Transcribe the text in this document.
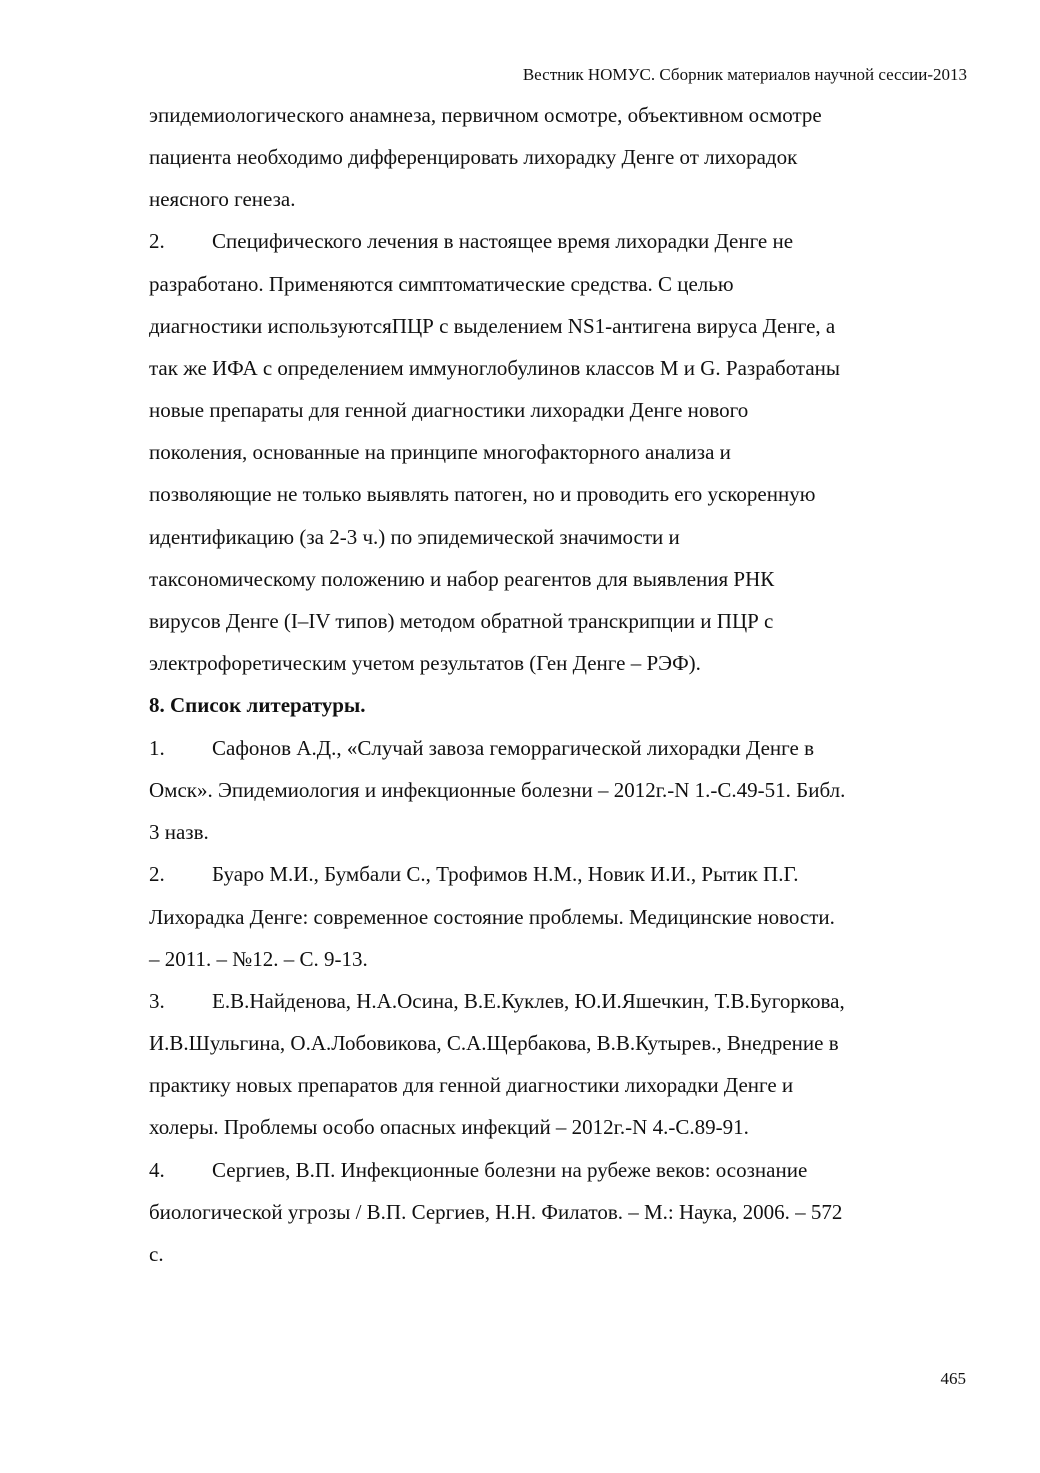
Вестник НОМУС. Сборник материалов научной сессии-2013
эпидемиологического анамнеза, первичном осмотре, объективном осмотре
пациента необходимо дифференцировать лихорадку Денге от лихорадок
неясного генеза.
2. Специфического лечения в настоящее время лихорадки Денге не
разработано. Применяются симптоматические средства. С целью
диагностики используютсяПЦР с выделением NS1-антигена вируса Денге, а
так же ИФА с определением иммуноглобулинов классов M и G. Разработаны
новые препараты для генной диагностики лихорадки Денге нового
поколения, основанные на принципе многофакторного анализа и
позволяющие не только выявлять патоген, но и проводить его ускоренную
идентификацию (за 2-3 ч.) по эпидемической значимости и
таксономическому положению и набор реагентов для выявления РНК
вирусов Денге (I–IV типов) методом обратной транскрипции и ПЦР с
электрофоретическим учетом результатов (Ген Денге – РЭФ).
8. Список литературы.
1. Сафонов А.Д., «Случай завоза геморрагической лихорадки Денге в
Омск». Эпидемиология и инфекционные болезни – 2012г.-N 1.-С.49-51. Библ.
3 назв.
2. Буаро М.И., Бумбали С., Трофимов Н.М., Новик И.И., Рытик П.Г.
Лихорадка Денге: современное состояние проблемы. Медицинские новости.
– 2011. – №12. – С. 9-13.
3. Е.В.Найденова, Н.А.Осина, В.Е.Куклев, Ю.И.Яшечкин, Т.В.Бугоркова,
И.В.Шульгина, О.А.Лобовикова, С.А.Щербакова, В.В.Кутырев., Внедрение в
практику новых препаратов для генной диагностики лихорадки Денге и
холеры. Проблемы особо опасных инфекций – 2012г.-N 4.-С.89-91.
4. Сергиев, В.П. Инфекционные болезни на рубеже веков: осознание
биологической угрозы / В.П. Сергиев, Н.Н. Филатов. – М.: Наука, 2006. – 572
с.
465
